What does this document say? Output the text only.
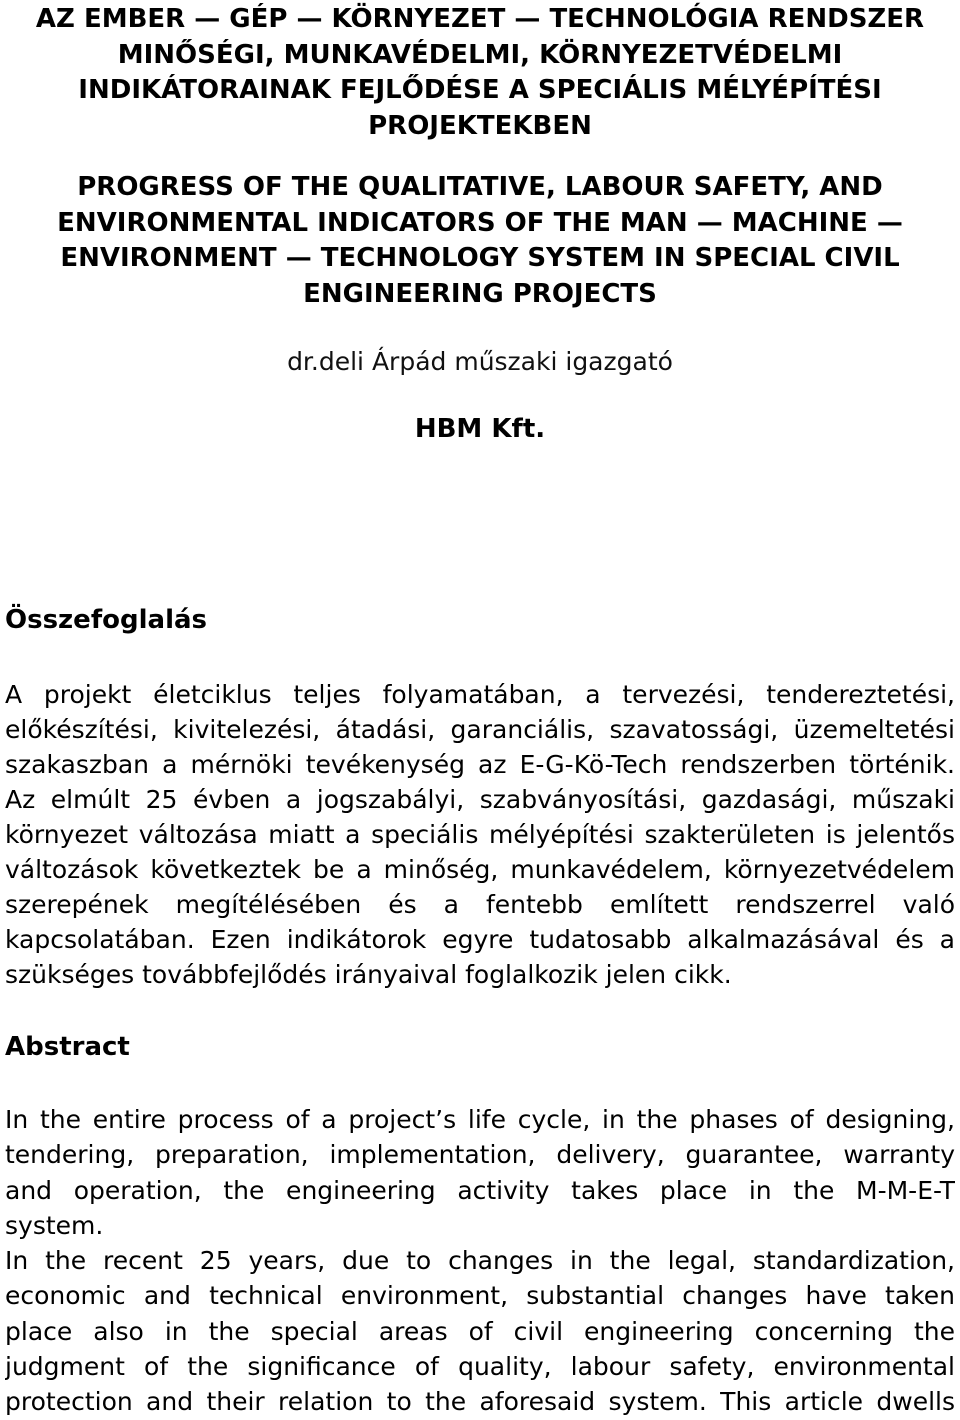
AZ EMBER — GÉP — KÖRNYEZET — TECHNOLÓGIA RENDSZER
MINŐSÉGI, MUNKAVÉDELMI, KÖRNYEZETVÉDELMI
INDIKÁTORAINAK FEJLŐDÉSE A SPECIÁLIS MÉLYÉPÍTÉSI
PROJEKTEKBEN
PROGRESS OF THE QUALITATIVE, LABOUR SAFETY, AND
ENVIRONMENTAL INDICATORS OF THE MAN — MACHINE —
ENVIRONMENT — TECHNOLOGY SYSTEM IN SPECIAL CIVIL
ENGINEERING PROJECTS
dr.deli Árpád műszaki igazgató
HBM Kft.
Összefoglalás
A projekt életciklus teljes folyamatában, a tervezési, tendereztetési,
előkészítési, kivitelezési, átadási, garanciális, szavatossági, üzemeltetési
szakaszban a mérnöki tevékenység az E-G-Kö-Tech rendszerben történik.
Az elmúlt 25 évben a jogszabályi, szabványosítási, gazdasági, műszaki
környezet változása miatt a speciális mélyépítési szakterületen is jelentős
változások következtek be a minőség, munkavédelem, környezetvédelem
szerepének megítélésében és a fentebb említett rendszerrel való
kapcsolatában. Ezen indikátorok egyre tudatosabb alkalmazásával és a
szükséges továbbfejlődés irányaival foglalkozik jelen cikk.
Abstract
In the entire process of a project’s life cycle, in the phases of designing,
tendering, preparation, implementation, delivery, guarantee, warranty
and operation, the engineering activity takes place in the M-M-E-T
system.
In the recent 25 years, due to changes in the legal, standardization,
economic and technical environment, substantial changes have taken
place also in the special areas of civil engineering concerning the
judgment of the significance of quality, labour safety, environmental
protection and their relation to the aforesaid system. This article dwells
